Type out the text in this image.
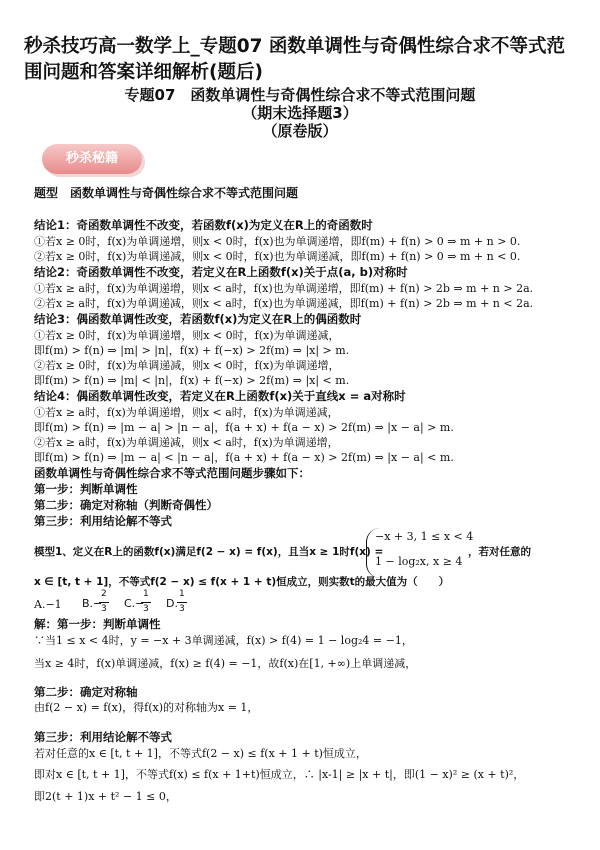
秒杀技巧高一数学上_专题07 函数单调性与奇偶性综合求不等式范围问题和答案详细解析(题后)
专题07　函数单调性与奇偶性综合求不等式范围问题
（期末选择题3）
（原卷版）
秒杀秘籍
题型　函数单调性与奇偶性综合求不等式范围问题
结论1：奇函数单调性不改变，若函数f(x)为定义在R上的奇函数时
①若x ≥ 0时，f(x)为单调递增，则x < 0时，f(x)也为单调递增，即f(m) + f(n) > 0 ⇒ m + n > 0.
②若x ≥ 0时，f(x)为单调递减，则x < 0时，f(x)也为单调递减，即f(m) + f(n) > 0 ⇒ m + n < 0.
结论2：奇函数单调性不改变，若定义在R上函数f(x)关于点(a, b)对称时
①若x ≥ a时，f(x)为单调递增，则x < a时，f(x)也为单调递增，即f(m) + f(n) > 2b ⇒ m + n > 2a.
②若x ≥ a时，f(x)为单调递减，则x < a时，f(x)也为单调递减，即f(m) + f(n) > 2b ⇒ m + n < 2a.
结论3：偶函数单调性改变，若函数f(x)为定义在R上的偶函数时
①若x ≥ 0时，f(x)为单调递增，则x < 0时，f(x)为单调递减，
即f(m) > f(n) ⇒ |m| > |n|，f(x) + f(−x) > 2f(m) ⇒ |x| > m.
②若x ≥ 0时，f(x)为单调递减，则x < 0时，f(x)为单调递增，
即f(m) > f(n) ⇒ |m| < |n|，f(x) + f(−x) > 2f(m) ⇒ |x| < m.
结论4：偶函数单调性改变，若定义在R上函数f(x)关于直线x = a对称时
①若x ≥ a时，f(x)为单调递增，则x < a时，f(x)为单调递减，
即f(m) > f(n) ⇒ |m − a| > |n − a|，f(a + x) + f(a − x) > 2f(m) ⇒ |x − a| > m.
②若x ≥ a时，f(x)为单调递减，则x < a时，f(x)为单调递增，
即f(m) > f(n) ⇒ |m − a| < |n − a|，f(a + x) + f(a − x) > 2f(m) ⇒ |x − a| < m.
函数单调性与奇偶性综合求不等式范围问题步骤如下：
第一步：判断单调性
第二步：确定对称轴（判断奇偶性）
第三步：利用结论解不等式
模型1、定义在R上的函数f(x)满足f(2 − x) = f(x)，且当x ≥ 1时f(x) =
−x + 3, 1 ≤ x < 4
1 − log₂x, x ≥ 4
，若对任意的
x ∈ [t, t + 1]，不等式f(2 − x) ≤ f(x + 1 + t)恒成立，则实数t的最大值为（　　）
A.−1	B.−
2
3 C.−
1
3 D.
1
3
解：第一步：判断单调性
∵当1 ≤ x < 4时，y = −x + 3单调递减，f(x) > f(4) = 1 − log₂4 = −1，
当x ≥ 4时，f(x)单调递减，f(x) ≥ f(4) = −1，故f(x)在[1, +∞)上单调递减，
第二步：确定对称轴
由f(2 − x) = f(x)，得f(x)的对称轴为x = 1，
第三步：利用结论解不等式
若对任意的x ∈ [t, t + 1]，不等式f(2 − x) ≤ f(x + 1 + t)恒成立，
即对x ∈ [t, t + 1]，不等式f(x) ≤ f(x + 1+t)恒成立，∴ |x-1| ≥ |x + t|，即(1 − x)² ≥ (x + t)²，
即2(t + 1)x + t² − 1 ≤ 0，
